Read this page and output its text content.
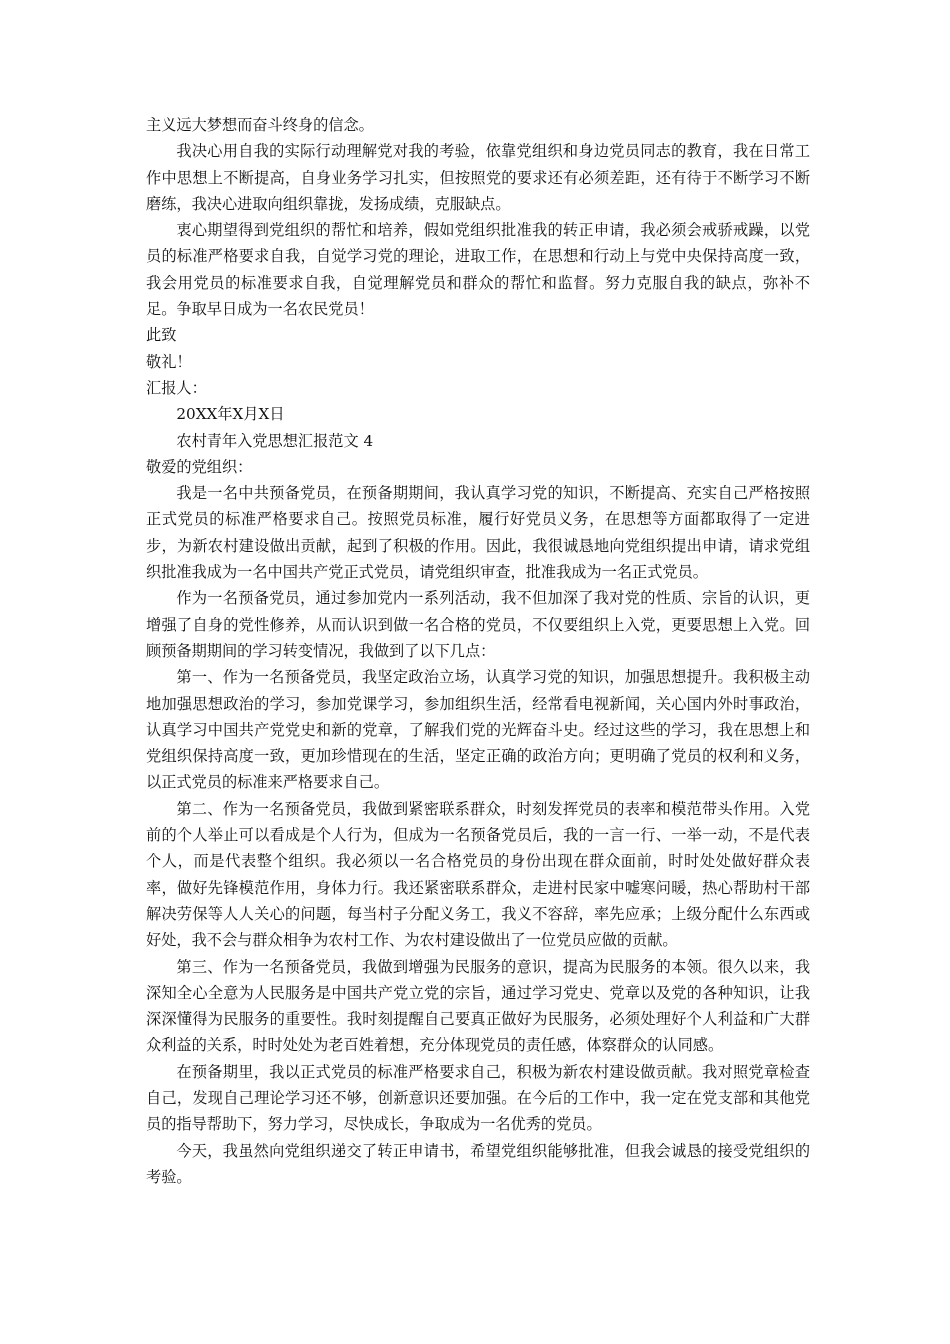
主义远大梦想而奋斗终身的信念。

我决心用自我的实际行动理解党对我的考验，依靠党组织和身边党员同志的教育，我在日常工作中思想上不断提高，自身业务学习扎实，但按照党的要求还有必须差距，还有待于不断学习不断磨练，我决心进取向组织靠拢，发扬成绩，克服缺点。

衷心期望得到党组织的帮忙和培养，假如党组织批准我的转正申请，我必须会戒骄戒躁，以党员的标准严格要求自我，自觉学习党的理论，进取工作，在思想和行动上与党中央保持高度一致，我会用党员的标准要求自我，自觉理解党员和群众的帮忙和监督。努力克服自我的缺点，弥补不足。争取早日成为一名农民党员！

此致

敬礼！

汇报人：

20XX年X月X日

农村青年入党思想汇报范文 4

敬爱的党组织：

我是一名中共预备党员，在预备期期间，我认真学习党的知识，不断提高、充实自己严格按照正式党员的标准严格要求自己。按照党员标准，履行好党员义务，在思想等方面都取得了一定进步，为新农村建设做出贡献，起到了积极的作用。因此，我很诚恳地向党组织提出申请，请求党组织批准我成为一名中国共产党正式党员，请党组织审查，批准我成为一名正式党员。

作为一名预备党员，通过参加党内一系列活动，我不但加深了我对党的性质、宗旨的认识，更增强了自身的党性修养，从而认识到做一名合格的党员，不仅要组织上入党，更要思想上入党。回顾预备期期间的学习转变情况，我做到了以下几点：

第一、作为一名预备党员，我坚定政治立场，认真学习党的知识，加强思想提升。我积极主动地加强思想政治的学习，参加党课学习，参加组织生活，经常看电视新闻，关心国内外时事政治，认真学习中国共产党党史和新的党章，了解我们党的光辉奋斗史。经过这些的学习，我在思想上和党组织保持高度一致，更加珍惜现在的生活，坚定正确的政治方向；更明确了党员的权利和义务，以正式党员的标准来严格要求自己。

第二、作为一名预备党员，我做到紧密联系群众，时刻发挥党员的表率和模范带头作用。入党前的个人举止可以看成是个人行为，但成为一名预备党员后，我的一言一行、一举一动，不是代表个人，而是代表整个组织。我必须以一名合格党员的身份出现在群众面前，时时处处做好群众表率，做好先锋模范作用，身体力行。我还紧密联系群众，走进村民家中嘘寒问暖，热心帮助村干部解决劳保等人人关心的问题，每当村子分配义务工，我义不容辞，率先应承；上级分配什么东西或好处，我不会与群众相争为农村工作、为农村建设做出了一位党员应做的贡献。

第三、作为一名预备党员，我做到增强为民服务的意识，提高为民服务的本领。很久以来，我深知全心全意为人民服务是中国共产党立党的宗旨，通过学习党史、党章以及党的各种知识，让我深深懂得为民服务的重要性。我时刻提醒自己要真正做好为民服务，必须处理好个人利益和广大群众利益的关系，时时处处为老百姓着想，充分体现党员的责任感，体察群众的认同感。

在预备期里，我以正式党员的标准严格要求自己，积极为新农村建设做贡献。我对照党章检查自己，发现自己理论学习还不够，创新意识还要加强。在今后的工作中，我一定在党支部和其他党员的指导帮助下，努力学习，尽快成长，争取成为一名优秀的党员。

今天，我虽然向党组织递交了转正申请书，希望党组织能够批准，但我会诚恳的接受党组织的考验。
